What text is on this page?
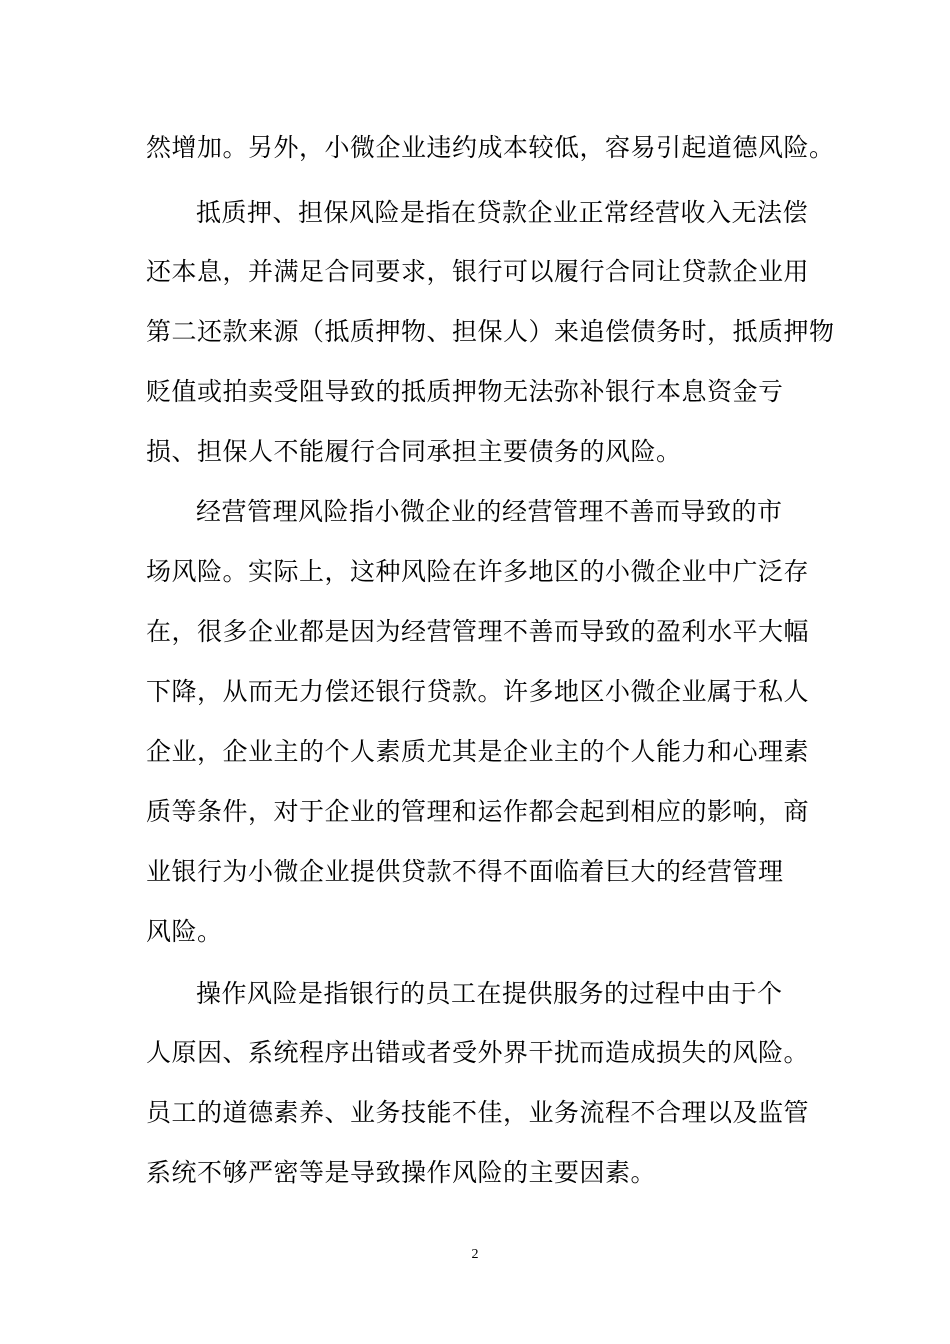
然增加。另外，小微企业违约成本较低，容易引起道德风险。
抵质押、担保风险是指在贷款企业正常经营收入无法偿
还本息，并满足合同要求，银行可以履行合同让贷款企业用
第二还款来源（抵质押物、担保人）来追偿债务时，抵质押物
贬值或拍卖受阻导致的抵质押物无法弥补银行本息资金亏
损、担保人不能履行合同承担主要债务的风险。
经营管理风险指小微企业的经营管理不善而导致的市
场风险。实际上，这种风险在许多地区的小微企业中广泛存
在，很多企业都是因为经营管理不善而导致的盈利水平大幅
下降，从而无力偿还银行贷款。许多地区小微企业属于私人
企业，企业主的个人素质尤其是企业主的个人能力和心理素
质等条件，对于企业的管理和运作都会起到相应的影响，商
业银行为小微企业提供贷款不得不面临着巨大的经营管理
风险。
操作风险是指银行的员工在提供服务的过程中由于个
人原因、系统程序出错或者受外界干扰而造成损失的风险。
员工的道德素养、业务技能不佳，业务流程不合理以及监管
系统不够严密等是导致操作风险的主要因素。
2
